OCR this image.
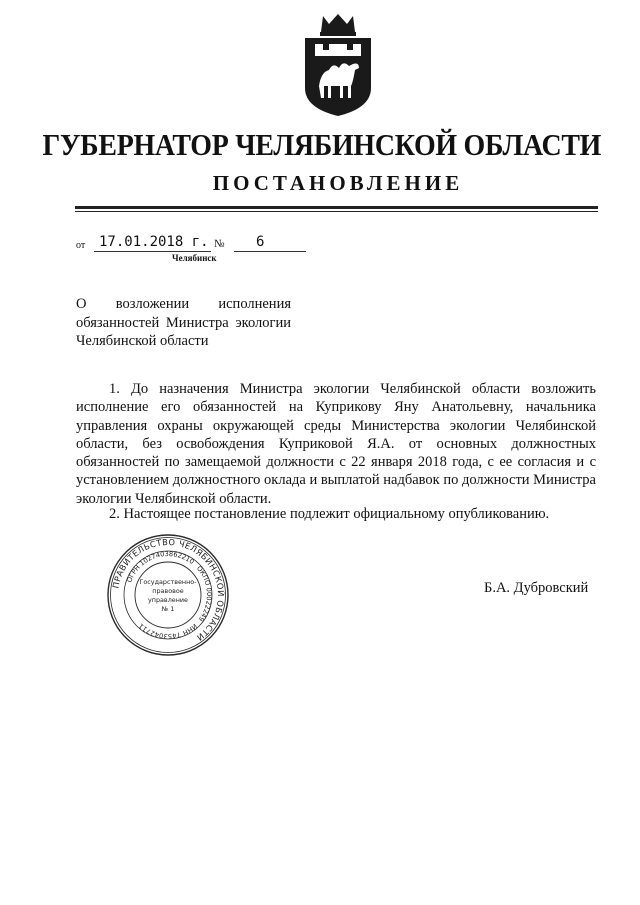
ГУБЕРНАТОР ЧЕЛЯБИНСКОЙ ОБЛАСТИ
ПОСТАНОВЛЕНИЕ
от 17.01.2018 г. №	6
Челябинск

О возложении исполнения обязанностей Министра экологии Челябинской области

1. До назначения Министра экологии Челябинской области возложить исполнение его обязанностей на Куприкову Яну Анатольевну, начальника управления охраны окружающей среды Министерства экологии Челябинской области, без освобождения Куприковой Я.А. от основных должностных обязанностей по замещаемой должности с 22 января 2018 года, с ее согласия и с установлением должностного оклада и выплатой надбавок по должности Министра экологии Челябинской области.

2. Настоящее постановление подлежит официальному опубликованию.

ПРАВИТЕЛЬСТВО ЧЕЛЯБИНСКОЙ ОБЛАСТИ
ОГРН 1027403862210
ОКПО 00022249
ИНН 7453042711
Государственно-
правовое
управление
№ 1
Б.А. Дубровский
